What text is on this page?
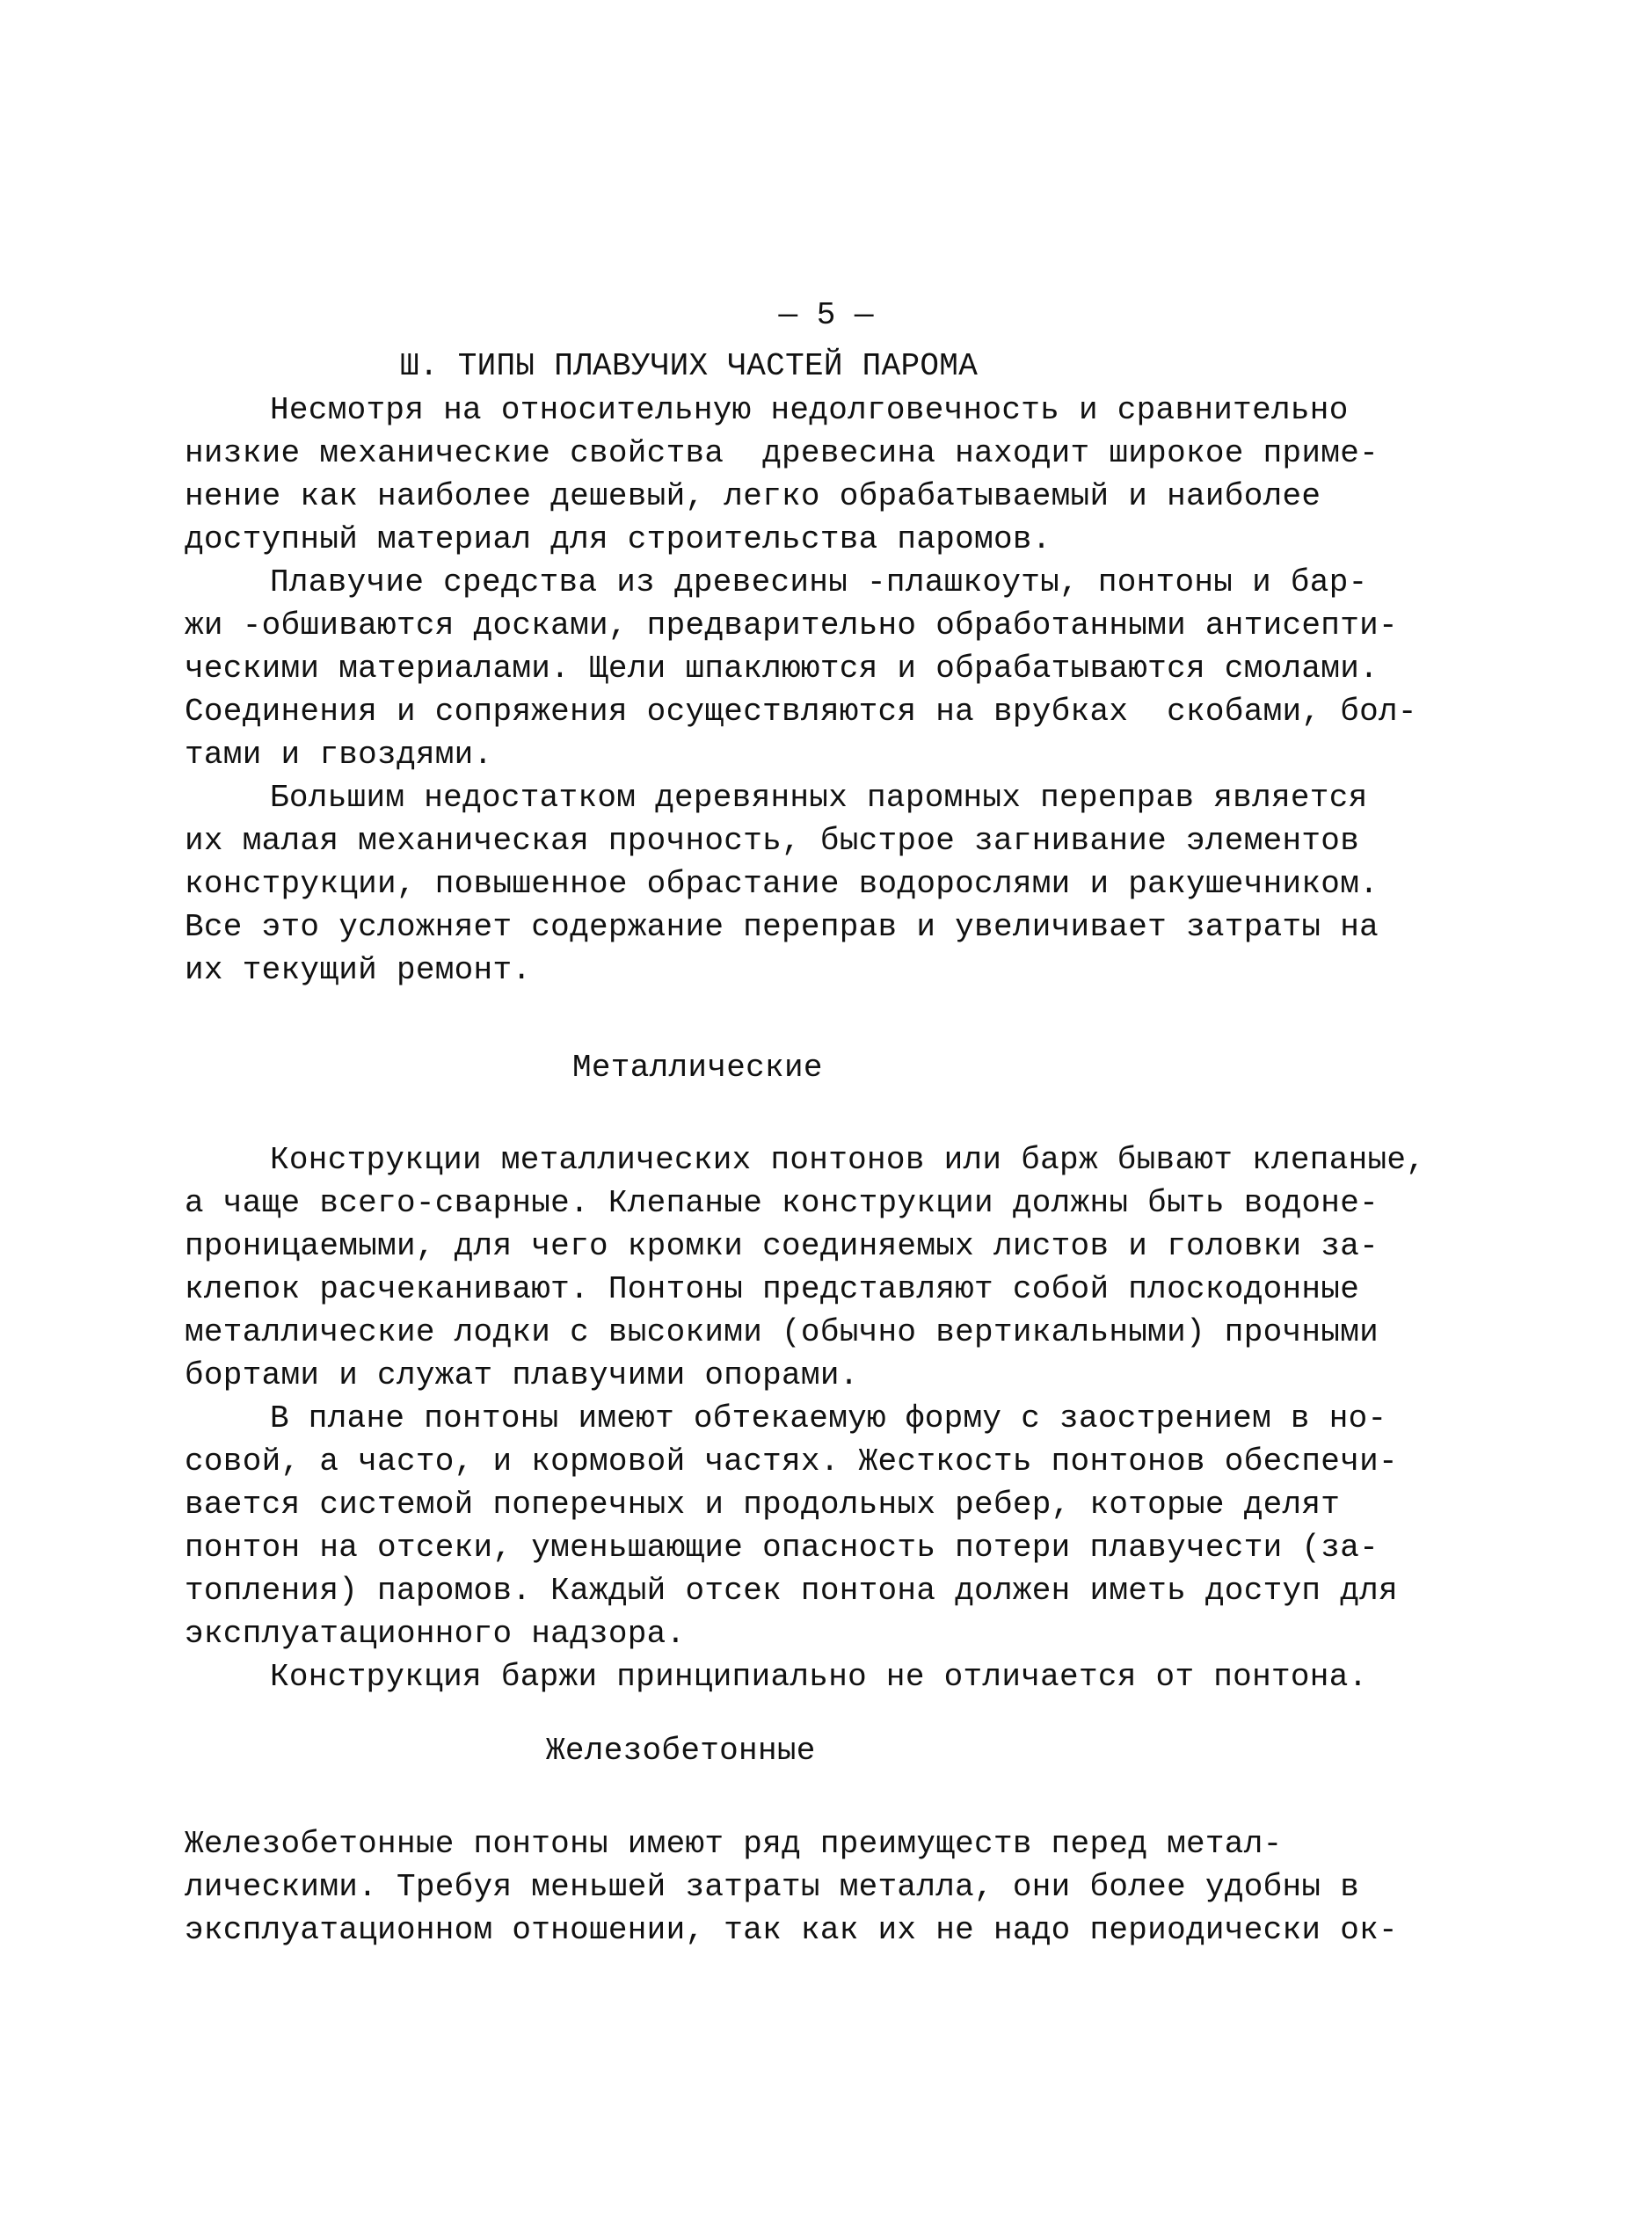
— 5 —
Ш. ТИПЫ ПЛАВУЧИХ ЧАСТЕЙ ПАРОМА
Несмотря на относительную недолговечность и сравнительно
низкие механические свойства  древесина находит широкое приме-
нение как наиболее дешевый, легко обрабатываемый и наиболее
доступный материал для строительства паромов.
Плавучие средства из древесины -плашкоуты, понтоны и бар-
жи -обшиваются досками, предварительно обработанными антисепти-
ческими материалами. Щели шпаклюются и обрабатываются смолами.
Соединения и сопряжения осуществляются на врубках  скобами, бол-
тами и гвоздями.
Большим недостатком деревянных паромных переправ является
их малая механическая прочность, быстрое загнивание элементов
конструкции, повышенное обрастание водорослями и ракушечником.
Все это усложняет содержание переправ и увеличивает затраты на
их текущий ремонт.
Металлические
Конструкции металлических понтонов или барж бывают клепаные,
а чаще всего-сварные. Клепаные конструкции должны быть водоне-
проницаемыми, для чего кромки соединяемых листов и головки за-
клепок расчеканивают. Понтоны представляют собой плоскодонные
металлические лодки с высокими (обычно вертикальными) прочными
бортами и служат плавучими опорами.
В плане понтоны имеют обтекаемую форму с заострением в но-
совой, а часто, и кормовой частях. Жесткость понтонов обеспечи-
вается системой поперечных и продольных ребер, которые делят
понтон на отсеки, уменьшающие опасность потери плавучести (за-
топления) паромов. Каждый отсек понтона должен иметь доступ для
эксплуатационного надзора.
Конструкция баржи принципиально не отличается от понтона.
Железобетонные
Железобетонные понтоны имеют ряд преимуществ перед метал-
лическими. Требуя меньшей затраты металла, они более удобны в
эксплуатационном отношении, так как их не надо периодически ок-
